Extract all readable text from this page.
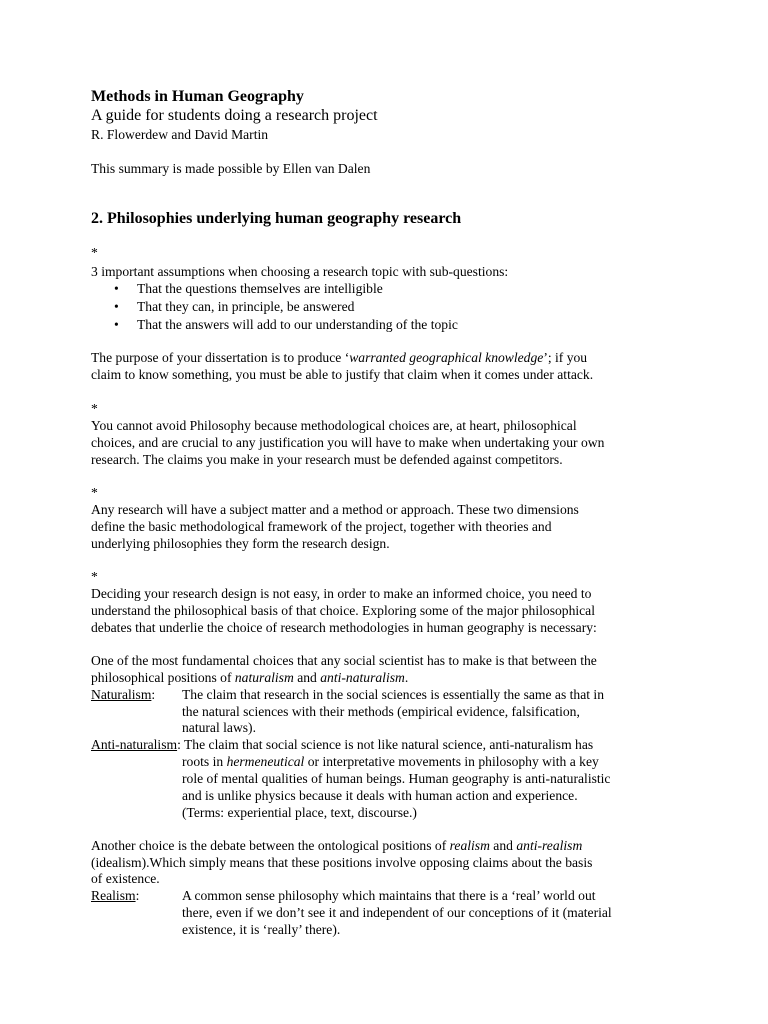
Methods in Human Geography
A guide for students doing a research project
R. Flowerdew and David Martin
This summary is made possible by Ellen van Dalen
2. Philosophies underlying human geography research
*
3 important assumptions when choosing a research topic with sub-questions:
• That the questions themselves are intelligible
• That they can, in principle, be answered
• That the answers will add to our understanding of the topic
The purpose of your dissertation is to produce ‘warranted geographical knowledge’; if you
claim to know something, you must be able to justify that claim when it comes under attack.
*
You cannot avoid Philosophy because methodological choices are, at heart, philosophical
choices, and are crucial to any justification you will have to make when undertaking your own
research. The claims you make in your research must be defended against competitors.
*
Any research will have a subject matter and a method or approach. These two dimensions
define the basic methodological framework of the project, together with theories and
underlying philosophies they form the research design.
*
Deciding your research design is not easy, in order to make an informed choice, you need to
understand the philosophical basis of that choice. Exploring some of the major philosophical
debates that underlie the choice of research methodologies in human geography is necessary:
One of the most fundamental choices that any social scientist has to make is that between the
philosophical positions of naturalism and anti-naturalism.
Naturalism: The claim that research in the social sciences is essentially the same as that in
the natural sciences with their methods (empirical evidence, falsification,
natural laws).
Anti-naturalism: The claim that social science is not like natural science, anti-naturalism has
roots in hermeneutical or interpretative movements in philosophy with a key
role of mental qualities of human beings. Human geography is anti-naturalistic
and is unlike physics because it deals with human action and experience.
(Terms: experiential place, text, discourse.)
Another choice is the debate between the ontological positions of realism and anti-realism
(idealism).Which simply means that these positions involve opposing claims about the basis
of existence.
Realism:	A common sense philosophy which maintains that there is a ‘real’ world out
there, even if we don’t see it and independent of our conceptions of it (material
existence, it is ‘really’ there).
